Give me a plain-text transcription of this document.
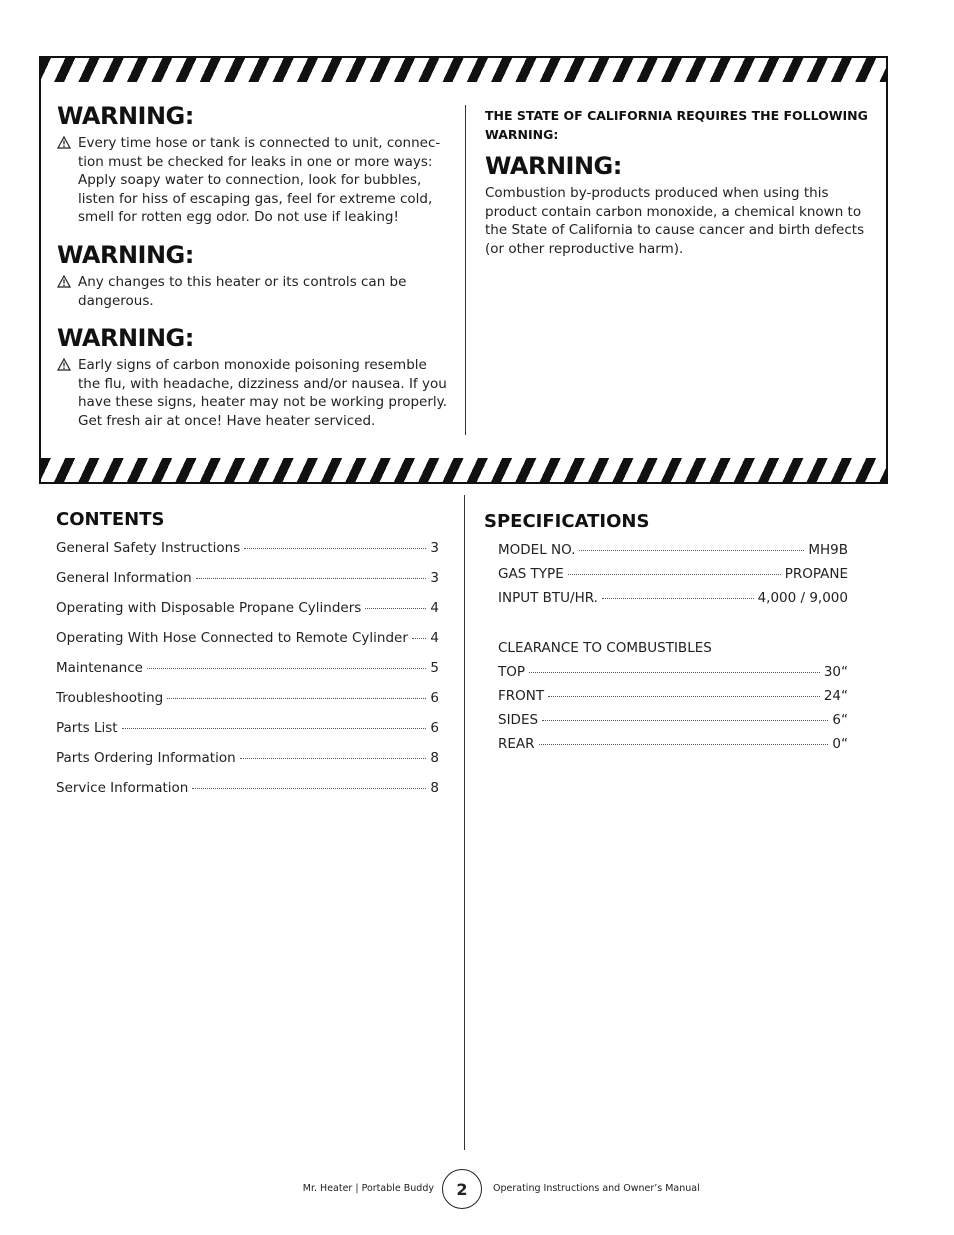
WARNING:
Every time hose or tank is connected to unit, connec- tion must be checked for leaks in one or more ways: Apply soapy water to connection, look for bubbles, listen for hiss of escaping gas, feel for extreme cold, smell for rotten egg odor. Do not use if leaking!
WARNING:
Any changes to this heater or its controls can be dangerous.
WARNING:
Early signs of carbon monoxide poisoning resemble the flu, with headache, dizziness and/or nausea. If you have these signs, heater may not be working properly. Get fresh air at once! Have heater serviced.
THE STATE OF CALIFORNIA REQUIRES THE FOLLOWING WARNING:
WARNING:
Combustion by-products produced when using this product contain carbon monoxide, a chemical known to the State of California to cause cancer and birth defects (or other reproductive harm).
CONTENTS
General Safety Instructions	3
General Information	3
Operating with Disposable Propane Cylinders	4
Operating With Hose Connected to Remote Cylinder 4
Maintenance	5
Troubleshooting	6
Parts List	6
Parts Ordering Information	8
Service Information	8
SPECIFICATIONS
MODEL NO.	MH9B
GAS TYPE	PROPANE
INPUT BTU/HR.	4,000 / 9,000
CLEARANCE TO COMBUSTIBLES
TOP	30“
FRONT	24“
SIDES	6“
REAR	0“
Mr. Heater | Portable Buddy	2	Operating Instructions and Owner’s Manual
